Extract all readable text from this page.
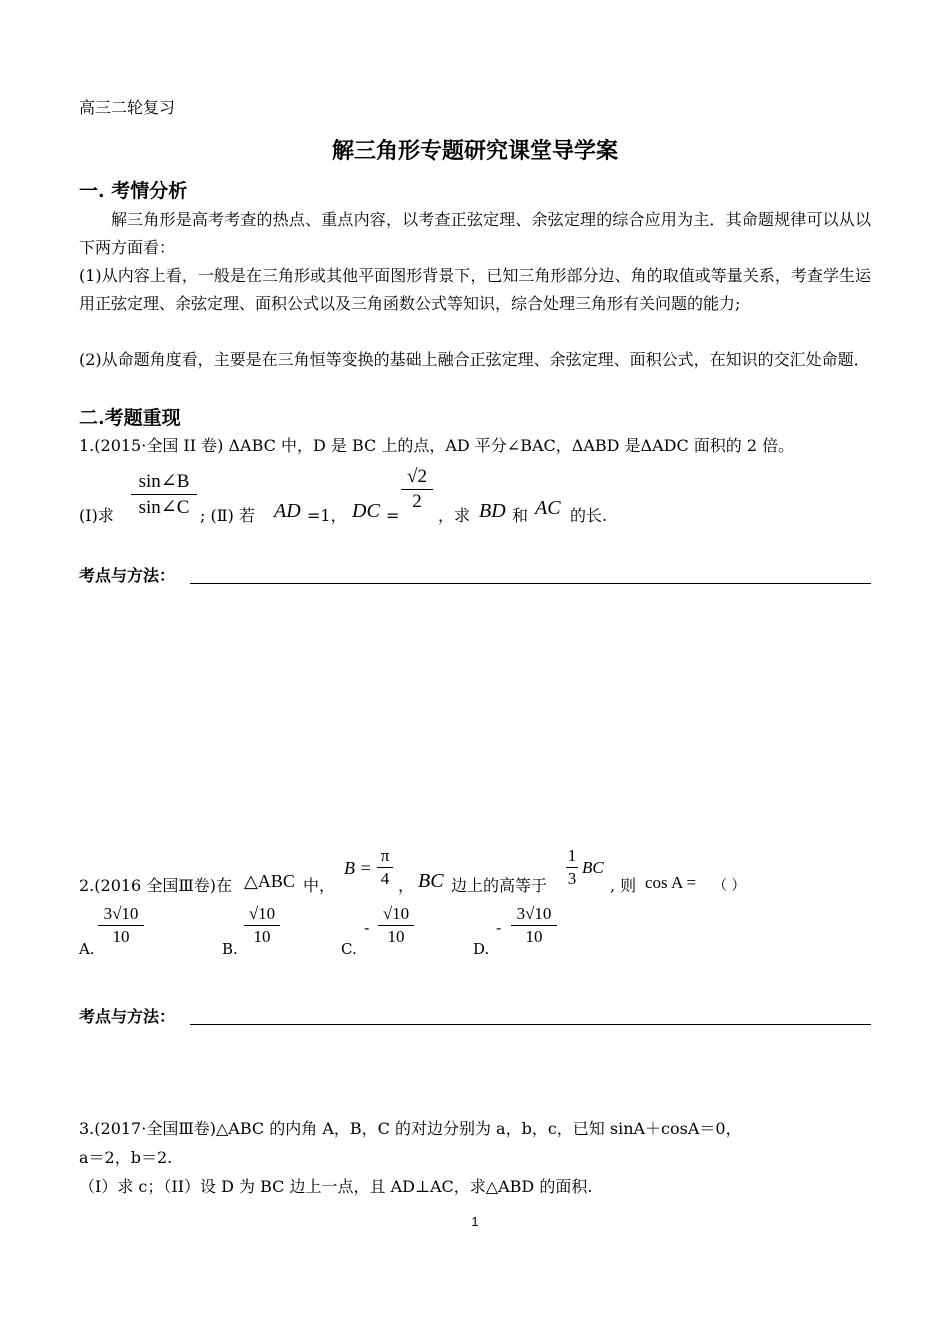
高三二轮复习
解三角形专题研究课堂导学案
一. 考情分析
解三角形是高考考查的热点、重点内容，以考查正弦定理、余弦定理的综合应用为主．其命题规律可以从以下两方面看：
(1)从内容上看，一般是在三角形或其他平面图形背景下，已知三角形部分边、角的取值或等量关系，考查学生运用正弦定理、余弦定理、面积公式以及三角函数公式等知识，综合处理三角形有关问题的能力;
(2)从命题角度看，主要是在三角恒等变换的基础上融合正弦定理、余弦定理、面积公式，在知识的交汇处命题．
二.考题重现
1.(2015·全国 II 卷) ΔABC 中，D 是 BC 上的点，AD 平分∠BAC，ΔABD 是ΔADC 面积的 2 倍。
(Ⅰ)求
sin∠B
sin∠C ; (Ⅱ) 若 AD =1， DC =
√2
2
，求 BD 和 AC 的长.
考点与方法：
2.(2016 全国Ⅲ卷)在 △ABC 中，
B =
π
4 ， BC 边上的高等于
1
3
BC
, 则 cos A = （ ）
A.
3√10
10
B.
√10
10
C.
-
√10
10
D.
-
3√10
10
考点与方法：
3.(2017·全国Ⅲ卷)△ABC 的内角 A，B，C 的对边分别为 a，b，c，已知 sinA＋cosA＝0，
a＝2，b＝2.
（I）求 c；（II）设 D 为 BC 边上一点，且 AD⊥AC，求△ABD 的面积.
1
